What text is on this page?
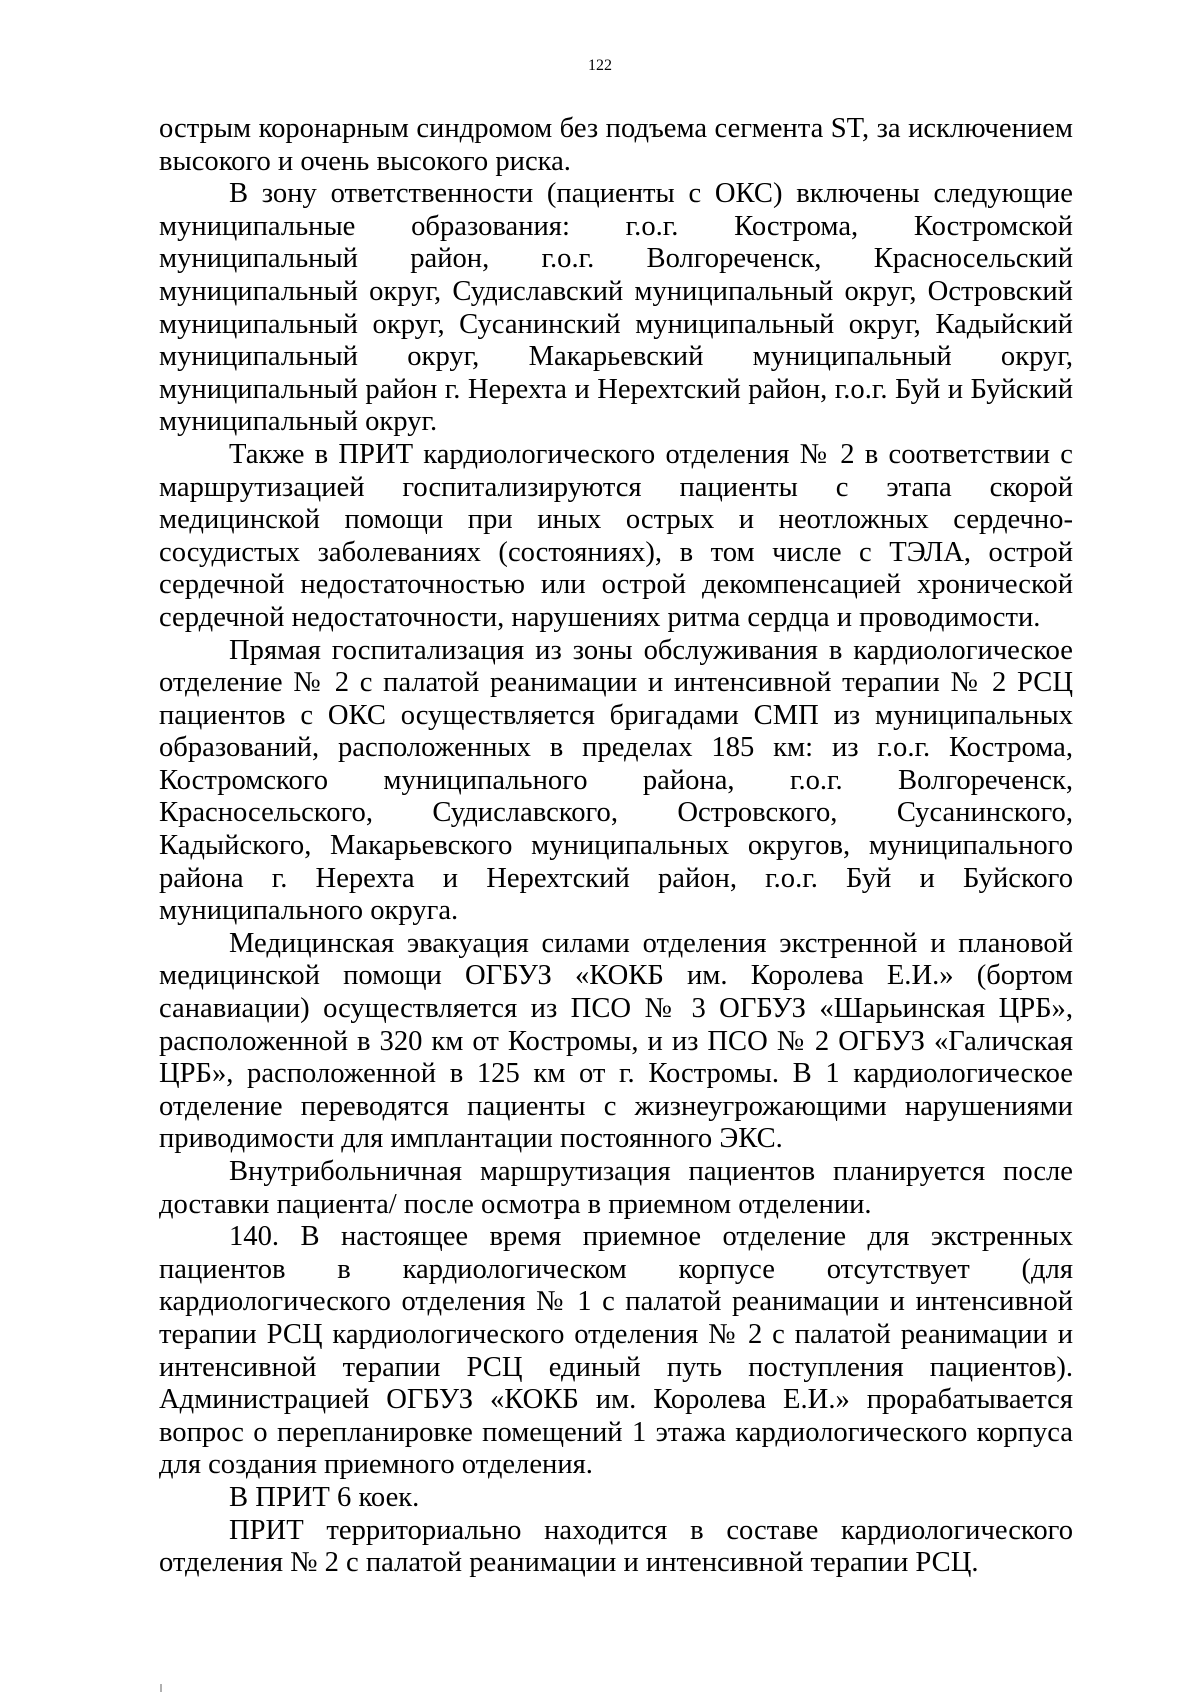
122

острым коронарным синдромом без подъема сегмента ST, за исключением высокого и очень высокого риска.

В зону ответственности (пациенты с ОКС) включены следующие муниципальные образования: г.о.г. Кострома, Костромской муниципальный район, г.о.г. Волгореченск, Красносельский муниципальный округ, Судиславский муниципальный округ, Островский муниципальный округ, Сусанинский муниципальный округ, Кадыйский муниципальный округ, Макарьевский муниципальный округ, муниципальный район г. Нерехта и Нерехтский район, г.о.г. Буй и Буйский муниципальный округ.

Также в ПРИТ кардиологического отделения № 2 в соответствии с маршрутизацией госпитализируются пациенты с этапа скорой медицинской помощи при иных острых и неотложных сердечно-сосудистых заболеваниях (состояниях), в том числе с ТЭЛА, острой сердечной недостаточностью или острой декомпенсацией хронической сердечной недостаточности, нарушениях ритма сердца и проводимости.

Прямая госпитализация из зоны обслуживания в кардиологическое отделение № 2 с палатой реанимации и интенсивной терапии № 2 РСЦ пациентов с ОКС осуществляется бригадами СМП из муниципальных образований, расположенных в пределах 185 км: из г.о.г. Кострома, Костромского муниципального района, г.о.г. Волгореченск, Красносельского, Судиславского, Островского, Сусанинского, Кадыйского, Макарьевского муниципальных округов, муниципального района г. Нерехта и Нерехтский район, г.о.г. Буй и Буйского муниципального округа.

Медицинская эвакуация силами отделения экстренной и плановой медицинской помощи ОГБУЗ «КОКБ им. Королева Е.И.» (бортом санавиации) осуществляется из ПСО № 3 ОГБУЗ «Шарьинская ЦРБ», расположенной в 320 км от Костромы, и из ПСО № 2 ОГБУЗ «Галичская ЦРБ», расположенной в 125 км от г. Костромы. В 1 кардиологическое отделение переводятся пациенты с жизнеугрожающими нарушениями приводимости для имплантации постоянного ЭКС.

Внутрибольничная маршрутизация пациентов планируется после доставки пациента/ после осмотра в приемном отделении.

140. В настоящее время приемное отделение для экстренных пациентов в кардиологическом корпусе отсутствует (для кардиологического отделения № 1 с палатой реанимации и интенсивной терапии РСЦ кардиологического отделения № 2 с палатой реанимации и интенсивной терапии РСЦ единый путь поступления пациентов). Администрацией ОГБУЗ «КОКБ им. Королева Е.И.» прорабатывается вопрос о перепланировке помещений 1 этажа кардиологического корпуса для создания приемного отделения.

В ПРИТ 6 коек.

ПРИТ территориально находится в составе кардиологического отделения № 2 с палатой реанимации и интенсивной терапии РСЦ.
